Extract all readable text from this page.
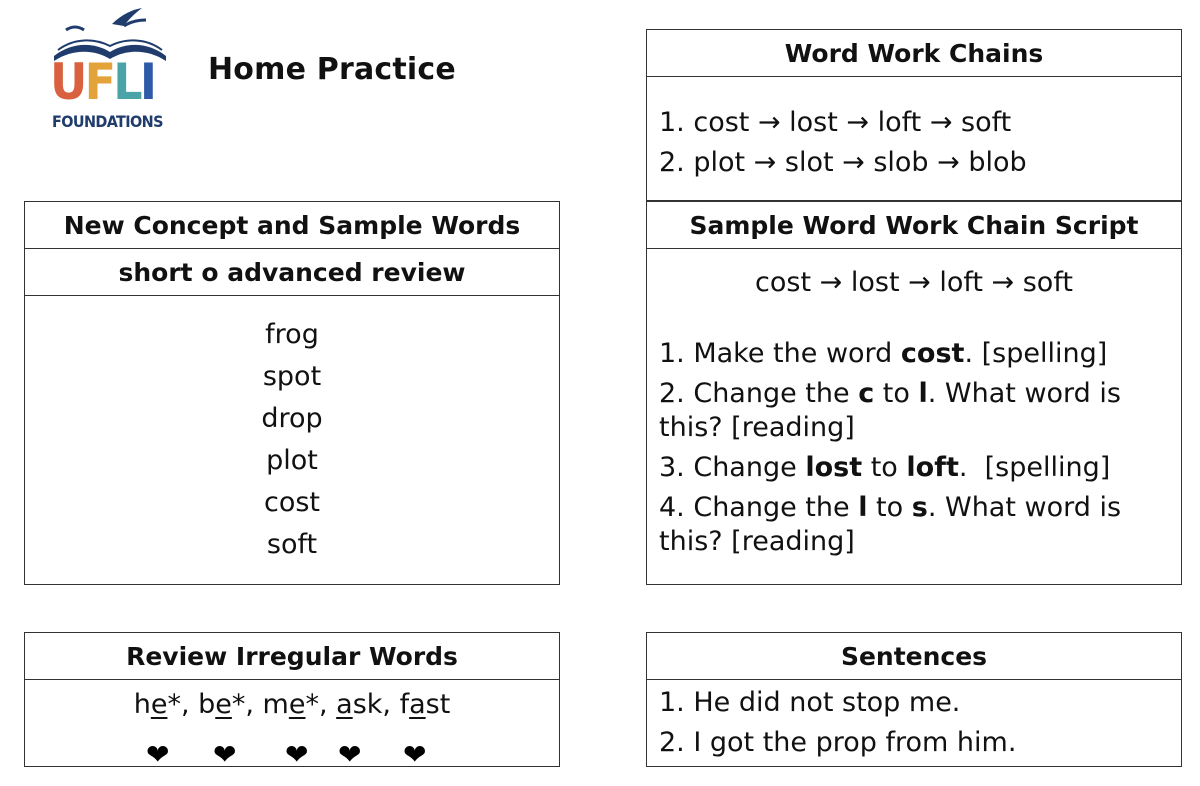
UFLI
FOUNDATIONS
Home Practice
New Concept and Sample Words
short o advanced review
frog
spot
drop
plot
cost
soft
Review Irregular Words
he*, be*, me*, ask, fast
❤ ❤ ❤ ❤ ❤
Word Work Chains
1. cost → lost → loft → soft
2. plot → slot → slob → blob
Sample Word Work Chain Script
cost → lost → loft → soft
1. Make the word cost. [spelling]
2. Change the c to l. What word is this? [reading]
3. Change lost to loft.  [spelling]
4. Change the l to s. What word is this? [reading]
Sentences
1. He did not stop me.
2. I got the prop from him.
